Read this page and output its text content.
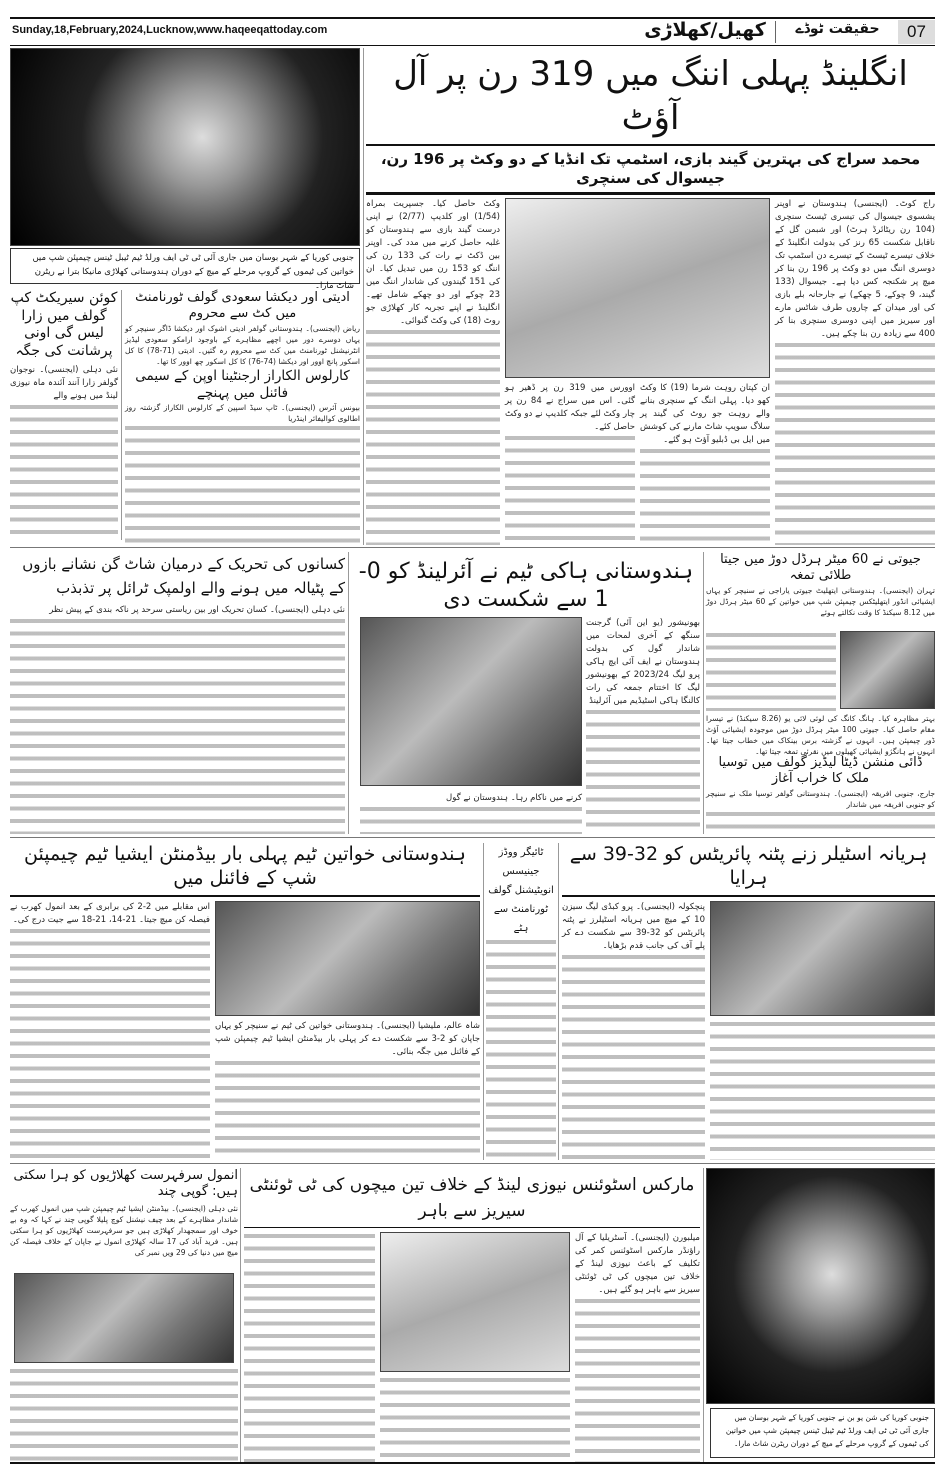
Sunday,18,February,2024,Lucknow,www.haqeeqattoday.com	کھیل/کھلاڑی	حقیقت ٹوڈے	07
جنوبی کوریا کے شہر بوسان میں جاری آئی ٹی ٹی ایف ورلڈ ٹیم ٹیبل ٹینس چیمپئن شپ میں خواتین کی ٹیموں کے گروپ مرحلے کے میچ کے دوران ہندوستانی کھلاڑی مانیکا بترا نے ریٹرن شاٹ مارا۔
کوئن سیریکٹ کپ گولف میں زارا لیس گی اونی پرشانت کی جگہ
نئی دہلی (ایجنسی)۔ نوجوان گولفر زارا آنند آئندہ ماہ نیوزی لینڈ میں ہونے والے
ادیتی اور دیکشا سعودی گولف ٹورنامنٹ میں کٹ سے محروم
ریاض (ایجنسی)۔ ہندوستانی گولفر ادیتی اشوک اور دیکشا ڈاگر سنیچر کو یہاں دوسرے دور میں اچھے مظاہرے کے باوجود ارامکو سعودی لیڈیز انٹرنیشنل ٹورنامنٹ میں کٹ سے محروم رہ گئیں۔ ادیتی (71-78) کا کل اسکور پانچ اوور اور دیکشا (74-76) کا کل اسکور چھ اوور کا تھا۔
کارلوس الکاراز ارجنٹینا اوپن کے سیمی فائنل میں پہنچے
بیونس آئرس (ایجنسی)۔ ٹاپ سیڈ اسپین کے کارلوس الکاراز گزشتہ روز اطالوی کوالیفائر اینڈریا
انگلینڈ پہلی اننگ میں 319 رن پر آل آؤٹ
محمد سراج کی بہترین گیند بازی، اسٹمپ تک انڈیا کے دو وکٹ پر 196 رن، جیسوال کی سنچری
راج کوٹ۔ (ایجنسی) ہندوستان نے اوپنر یشسوی جیسوال کی تیسری ٹیسٹ سنچری (104 رن ریٹائرڈ ہرٹ) اور شبمن گل کے ناقابل شکست 65 رنز کی بدولت انگلینڈ کے خلاف تیسرے ٹیسٹ کے تیسرے دن اسٹمپ تک دوسری اننگ میں دو وکٹ پر 196 رن بنا کر میچ پر شکنجہ کس دیا ہے۔ جیسوال (133 گیند، 9 چوکے، 5 چھکے) نے جارحانہ بلے بازی کی اور میدان کے چاروں طرف شاٹس مارے اور سیریز میں اپنی دوسری سنچری بنا کر 400 سے زیادہ رن بنا چکے ہیں۔
ان کپتان روہت شرما (19) کا وکٹ کھو دیا۔ پہلی اننگ کے سنچری بنانے والے روہت جو روٹ کی گیند پر سلاگ سویپ شاٹ مارنے کی کوشش میں ایل بی ڈبلیو آؤٹ ہو گئے۔
اوورس میں 319 رن پر ڈھیر ہو گئی۔ اس میں سراج نے 84 رن پر چار وکٹ لئے جبکہ کلدیپ نے دو وکٹ حاصل کئے۔
وکٹ حاصل کیا۔ جسپریت بمراہ (1/54) اور کلدیپ (2/77) نے اپنی درست گیند بازی سے ہندوستان کو غلبہ حاصل کرنے میں مدد کی۔ اوپنر بین ڈکٹ نے رات کی 133 رن کی اننگ کو 153 رن میں تبدیل کیا۔ ان کی 151 گیندوں کی شاندار اننگ میں 23 چوکے اور دو چھکے شامل تھے۔ انگلینڈ نے اپنے تجربہ کار کھلاڑی جو روٹ (18) کی وکٹ گنوائی۔
کسانوں کی تحریک کے درمیان شاٹ گن نشانے بازوں کے پٹیالہ میں ہونے والے اولمپک ٹرائل پر تذبذب
نئی دہلی (ایجنسی)۔ کسان تحریک اور بین ریاستی سرحد پر ناکہ بندی کے پیش نظر
ہندوستانی ہاکی ٹیم نے آئرلینڈ کو 0-1 سے شکست دی
بھونیشور (یو این آئی) گرجنت سنگھ کے آخری لمحات میں شاندار گول کی بدولت ہندوستان نے ایف آئی ایچ ہاکی پرو لیگ 2023/24 کے بھونیشور لیگ کا اختتام جمعہ کی رات کالنگا ہاکی اسٹیڈیم میں آئرلینڈ
کرنے میں ناکام رہا۔ ہندوستان نے گول
جیوتی نے 60 میٹر ہرڈل دوڑ میں جیتا طلائی تمغہ
تہران (ایجنسی)۔ ہندوستانی ایتھلیٹ جیوتی یاراجی نے سنیچر کو یہاں ایشیائی انڈور ایتھلیٹکس چیمپئن شپ میں خواتین کے 60 میٹر ہرڈل دوڑ میں 8.12 سیکنڈ کا وقت نکالتے ہوئے
بہتر مظاہرہ کیا۔ ہانگ کانگ کی لوئی لائی یو (8.26 سیکنڈ) نے تیسرا مقام حاصل کیا۔ جیوتی 100 میٹر ہرڈل دوڑ میں موجودہ ایشیائی آؤٹ ڈور چیمپئن ہیں۔ انہوں نے گزشتہ برس بینکاک میں خطاب جیتا تھا۔ انہوں نے ہانگژو ایشیائی کھیلوں میں نقرئی تمغہ جیتا تھا۔
ڈائی منشن ڈیٹا لیڈیز گولف میں توسیا ملک کا خراب آغاز
جارج، جنوبی افریقہ (ایجنسی)۔ ہندوستانی گولفر توسیا ملک نے سنیچر کو جنوبی افریقہ میں شاندار
ہندوستانی خواتین ٹیم پہلی بار بیڈمنٹن ایشیا ٹیم چیمپئن شپ کے فائنل میں
شاہ عالم، ملیشیا (ایجنسی)۔ ہندوستانی خواتین کی ٹیم نے سنیچر کو یہاں جاپان کو 2-3 سے شکست دے کر پہلی بار بیڈمنٹن ایشیا ٹیم چیمپئن شپ کے فائنل میں جگہ بنائی۔
اس مقابلے میں 2-2 کی برابری کے بعد انمول کھرب نے فیصلہ کن میچ جیتا۔ 21-14، 21-18 سے جیت درج کی۔
ٹائیگر ووڈز جینیسس انویٹیشنل گولف ٹورنامنٹ سے ہٹے
ہریانہ اسٹیلر زنے پٹنہ پائریٹس کو 32-39 سے ہرایا
پنچکولہ (ایجنسی)۔ پرو کبڈی لیگ سیزن 10 کے میچ میں ہریانہ اسٹیلرز نے پٹنہ پائریٹس کو 32-39 سے شکست دے کر پلے آف کی جانب قدم بڑھایا۔
انمول سرفہرست کھلاڑیوں کو ہرا سکتی ہیں: گوپی چند
نئی دہلی (ایجنسی)۔ بیڈمنٹن ایشیا ٹیم چیمپئن شپ میں انمول کھرب کے شاندار مظاہرے کے بعد چیف نیشنل کوچ پلیلا گوپی چند نے کہا کہ وہ بے خوف اور سمجھدار کھلاڑی ہیں جو سرفہرست کھلاڑیوں کو ہرا سکتی ہیں۔ فرید آباد کی 17 سالہ کھلاڑی انمول نے جاپان کے خلاف فیصلہ کن میچ میں دنیا کی 29 ویں نمبر کی
مارکس اسٹوئنس نیوزی لینڈ کے خلاف تین میچوں کی ٹی ٹوئنٹی سیریز سے باہر
میلبورن (ایجنسی)۔ آسٹریلیا کے آل راؤنڈر مارکس اسٹوئنس کمر کی تکلیف کے باعث نیوزی لینڈ کے خلاف تین میچوں کی ٹی ٹوئنٹی سیریز سے باہر ہو گئے ہیں۔
جنوبی کوریا کی شن یو بن نے جنوبی کوریا کے شہر بوسان میں جاری آئی ٹی ٹی ایف ورلڈ ٹیم ٹیبل ٹینس چیمپئن شپ میں خواتین کی ٹیموں کے گروپ مرحلے کے میچ کے دوران ریٹرن شاٹ مارا۔
